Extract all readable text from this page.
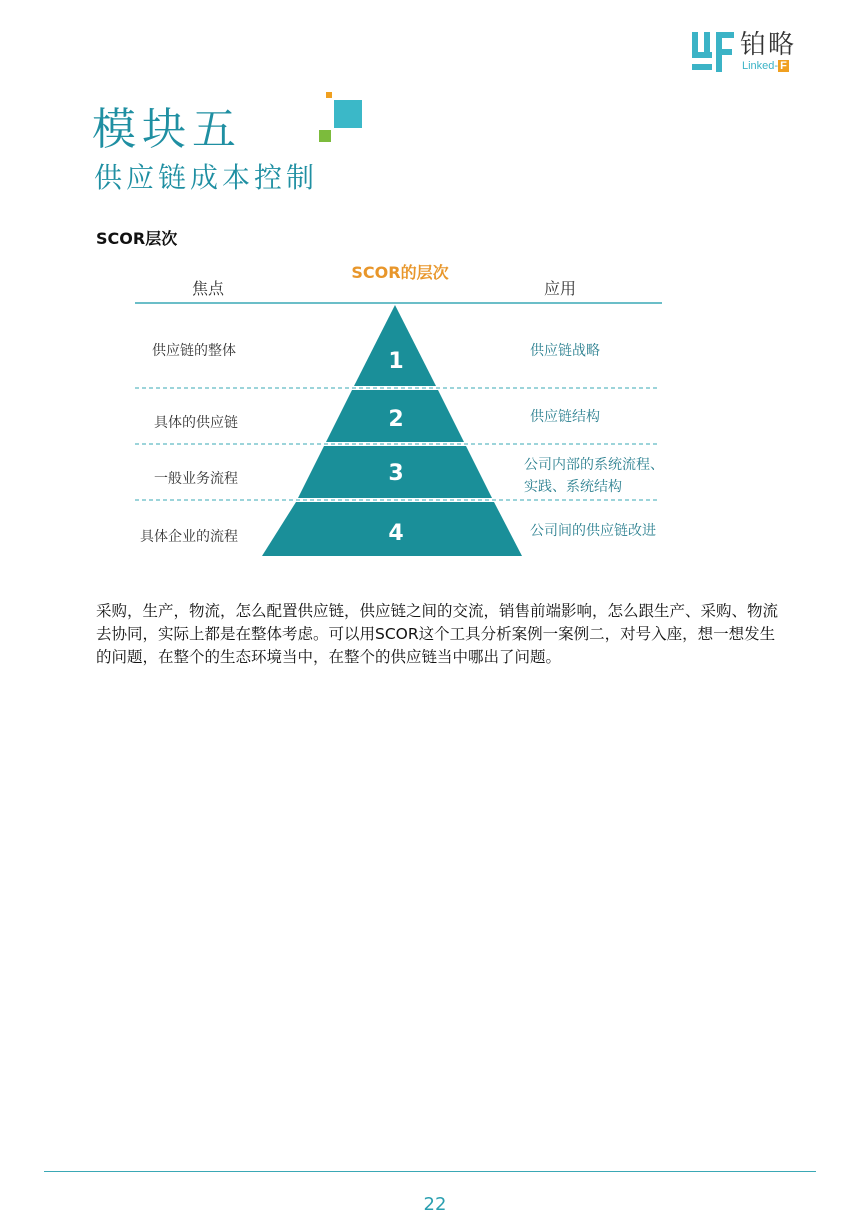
铂略
Linked- F
模块五
供应链成本控制
SCOR层次
1
2
3
4
SCOR的层次
焦点	应用
供应链的整体
具体的供应链
一般业务流程
具体企业的流程
供应链战略
供应链结构
公司内部的系统流程、实践、系统结构
公司间的供应链改进
采购，生产，物流，怎么配置供应链，供应链之间的交流，销售前端影响，怎么跟生产、采购、物流去协同，实际上都是在整体考虑。可以用SCOR这个工具分析案例一案例二，对号入座，想一想发生的问题，在整个的生态环境当中，在整个的供应链当中哪出了问题。
22
